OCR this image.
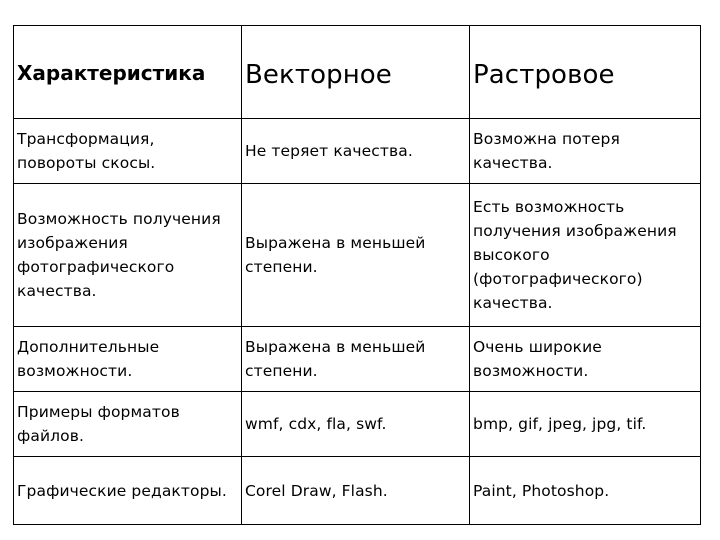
Характеристика	Векторное	Растровое
Трансформация, повороты скосы.	Не теряет качества.	Возможна потеря качества.
Возможность получения изображения фотографического качества.	Выражена в меньшей степени.	Есть возможность получения изображения высокого (фотографического) качества.
Дополнительные возможности.	Выражена в меньшей степени.	Очень широкие возможности.
Примеры форматов файлов.	wmf, cdx, fla, swf.	bmp, gif, jpeg, jpg, tif.
Графические редакторы.	Corel Draw, Flash.	Paint, Photoshop.
